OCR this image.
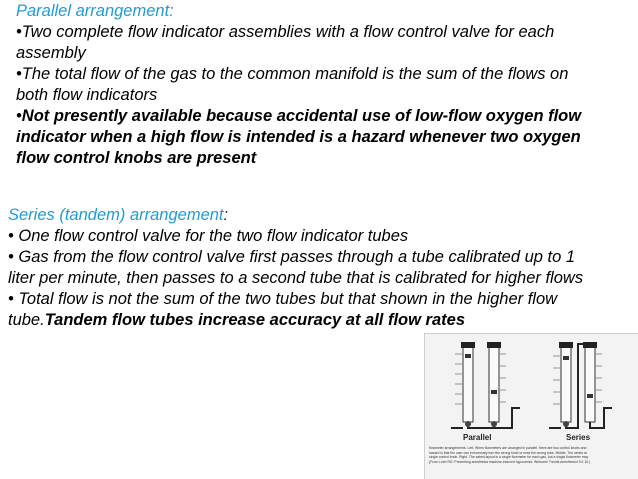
Parallel arrangement:
•Two complete flow indicator assemblies with a flow control valve for each
assembly
•The total flow of the gas to the common manifold is the sum of the flows on
both flow indicators
•Not presently available because accidental use of low-flow oxygen flow
indicator when a high flow is intended is a hazard whenever two oxygen
flow control knobs are present
Series (tandem) arrangement:
• One flow control valve for the two flow indicator tubes
• Gas from the flow control valve first passes through a tube calibrated up to 1
liter per minute, then passes to a second tube that is calibrated for higher flows
• Total flow is not the sum of the two tubes but that shown in the higher flow
tube.Tandem flow tubes increase accuracy at all flow rates
Parallel	Series
flowmeter arrangements. Left, When flowmeters are arranged in parallel, there are two control knobs and
hazard is that the user can erroneously turn the wrong knob or read the wrong tube. Middle, The series ar
single control knob. Right, The safest layout is a single flowmeter for each gas, but a single flowmeter may
(From Loeb RG: Preventing anesthesia machine-induced hypoxemia. Welcome Trends Anesthesiol 9:2-10.)
